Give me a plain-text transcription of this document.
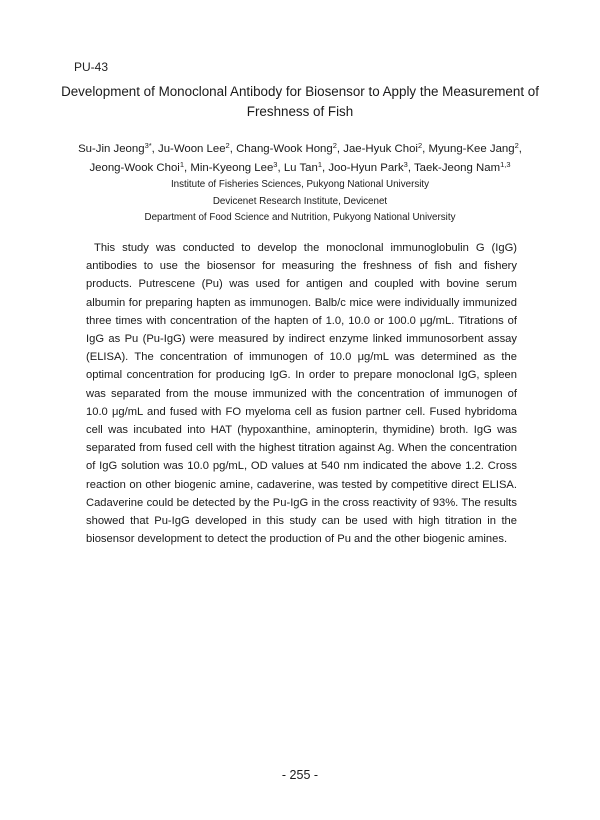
PU-43
Development of Monoclonal Antibody for Biosensor to Apply the Measurement of Freshness of Fish
Su-Jin Jeong$^{3*}$, Ju-Woon Lee$^2$, Chang-Wook Hong$^2$, Jae-Hyuk Choi$^2$, Myung-Kee Jang$^2$, Jeong-Wook Choi$^1$, Min-Kyeong Lee$^3$, Lu Tan$^1$, Joo-Hyun Park$^3$, Taek-Jeong Nam$^{1,3}$
Institute of Fisheries Sciences, Pukyong National University
Devicenet Research Institute, Devicenet
Department of Food Science and Nutrition, Pukyong National University
This study was conducted to develop the monoclonal immunoglobulin G (IgG) antibodies to use the biosensor for measuring the freshness of fish and fishery products. Putrescene (Pu) was used for antigen and coupled with bovine serum albumin for preparing hapten as immunogen. Balb/c mice were individually immunized three times with concentration of the hapten of 1.0, 10.0 or 100.0 μg/mL. Titrations of IgG as Pu (Pu-IgG) were measured by indirect enzyme linked immunosorbent assay (ELISA). The concentration of immunogen of 10.0 μg/mL was determined as the optimal concentration for producing IgG. In order to prepare monoclonal IgG, spleen was separated from the mouse immunized with the concentration of immunogen of 10.0 μg/mL and fused with FO myeloma cell as fusion partner cell. Fused hybridoma cell was incubated into HAT (hypoxanthine, aminopterin, thymidine) broth. IgG was separated from fused cell with the highest titration against Ag. When the concentration of IgG solution was 10.0 pg/mL, OD values at 540 nm indicated the above 1.2. Cross reaction on other biogenic amine, cadaverine, was tested by competitive direct ELISA. Cadaverine could be detected by the Pu-IgG in the cross reactivity of 93%. The results showed that Pu-IgG developed in this study can be used with high titration in the biosensor development to detect the production of Pu and the other biogenic amines.
- 255 -
